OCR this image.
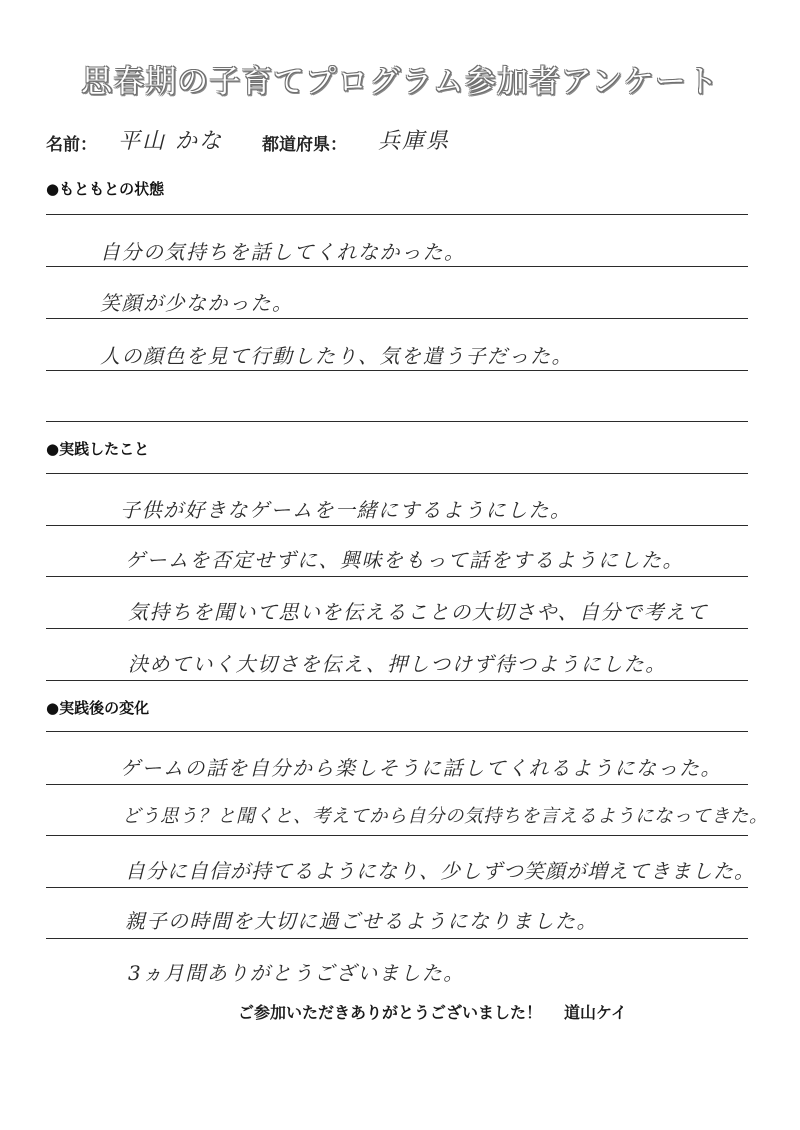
思春期の子育てプログラム参加者アンケート
名前： 平山 かな 都道府県： 兵庫県
●もともとの状態
自分の気持ちを話してくれなかった。
笑顔が少なかった。
人の顔色を見て行動したり、気を遣う子だった。
●実践したこと
子供が好きなゲームを一緒にするようにした。
ゲームを否定せずに、興味をもって話をするようにした。
気持ちを聞いて思いを伝えることの大切さや、自分で考えて
決めていく大切さを伝え、押しつけず待つようにした。
●実践後の変化
ゲームの話を自分から楽しそうに話してくれるようになった。
どう思う？と聞くと、考えてから自分の気持ちを言えるようになってきた。
自分に自信が持てるようになり、少しずつ笑顔が増えてきました。
親子の時間を大切に過ごせるようになりました。
3ヵ月間ありがとうございました。
ご参加いただきありがとうございました！ 道山ケイ
